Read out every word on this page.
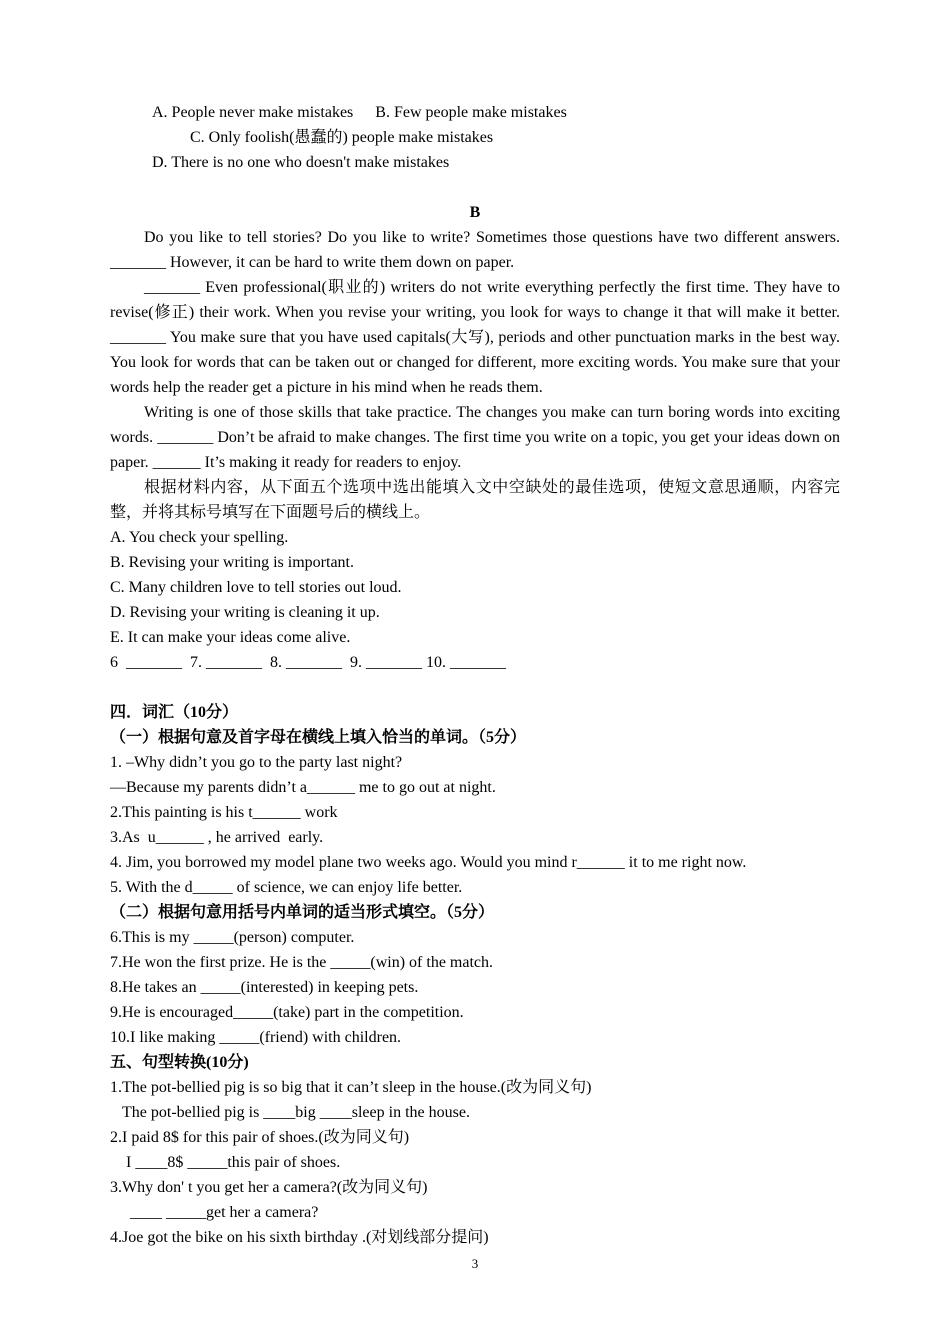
A. People never make mistakes B. Few people make mistakes
C. Only foolish(愚蠢的) people make mistakes
D. There is no one who doesn't make mistakes
B
Do you like to tell stories? Do you like to write? Sometimes those questions have two different answers. _______ However, it can be hard to write them down on paper.
_______ Even professional(职业的) writers do not write everything perfectly the first time. They have to revise(修正) their work. When you revise your writing, you look for ways to change it that will make it better. _______ You make sure that you have used capitals(大写), periods and other punctuation marks in the best way. You look for words that can be taken out or changed for different, more exciting words. You make sure that your words help the reader get a picture in his mind when he reads them.
Writing is one of those skills that take practice. The changes you make can turn boring words into exciting words. _______ Don’t be afraid to make changes. The first time you write on a topic, you get your ideas down on paper. ______ It’s making it ready for readers to enjoy.
根据材料内容，从下面五个选项中选出能填入文中空缺处的最佳选项，使短文意思通顺，内容完整，并将其标号填写在下面题号后的横线上。
A. You check your spelling.
B. Revising your writing is important.
C. Many children love to tell stories out loud.
D. Revising your writing is cleaning it up.
E. It can make your ideas come alive.
6  _______  7. _______  8. _______  9. _______ 10. _______
四．词汇（10分）
（一）根据句意及首字母在横线上填入恰当的单词。（5分）
1. –Why didn’t you go to the party last night?
—Because my parents didn’t a______ me to go out at night.
2.This painting is his t______ work
3.As  u______ , he arrived  early.
4. Jim, you borrowed my model plane two weeks ago. Would you mind r______ it to me right now.
5. With the d_____ of science, we can enjoy life better.
（二）根据句意用括号内单词的适当形式填空。（5分）
6.This is my _____(person) computer.
7.He won the first prize. He is the _____(win) of the match.
8.He takes an _____(interested) in keeping pets.
9.He is encouraged_____(take) part in the competition.
10.I like making _____(friend) with children.
五、句型转换(10分)
1.The pot-bellied pig is so big that it can’t sleep in the house.(改为同义句)
The pot-bellied pig is ____big ____sleep in the house.
2.I paid 8$ for this pair of shoes.(改为同义句)
I ____8$ _____this pair of shoes.
3.Why don' t you get her a camera?(改为同义句)
____ _____get her a camera?
4.Joe got the bike on his sixth birthday .(对划线部分提问)
3
